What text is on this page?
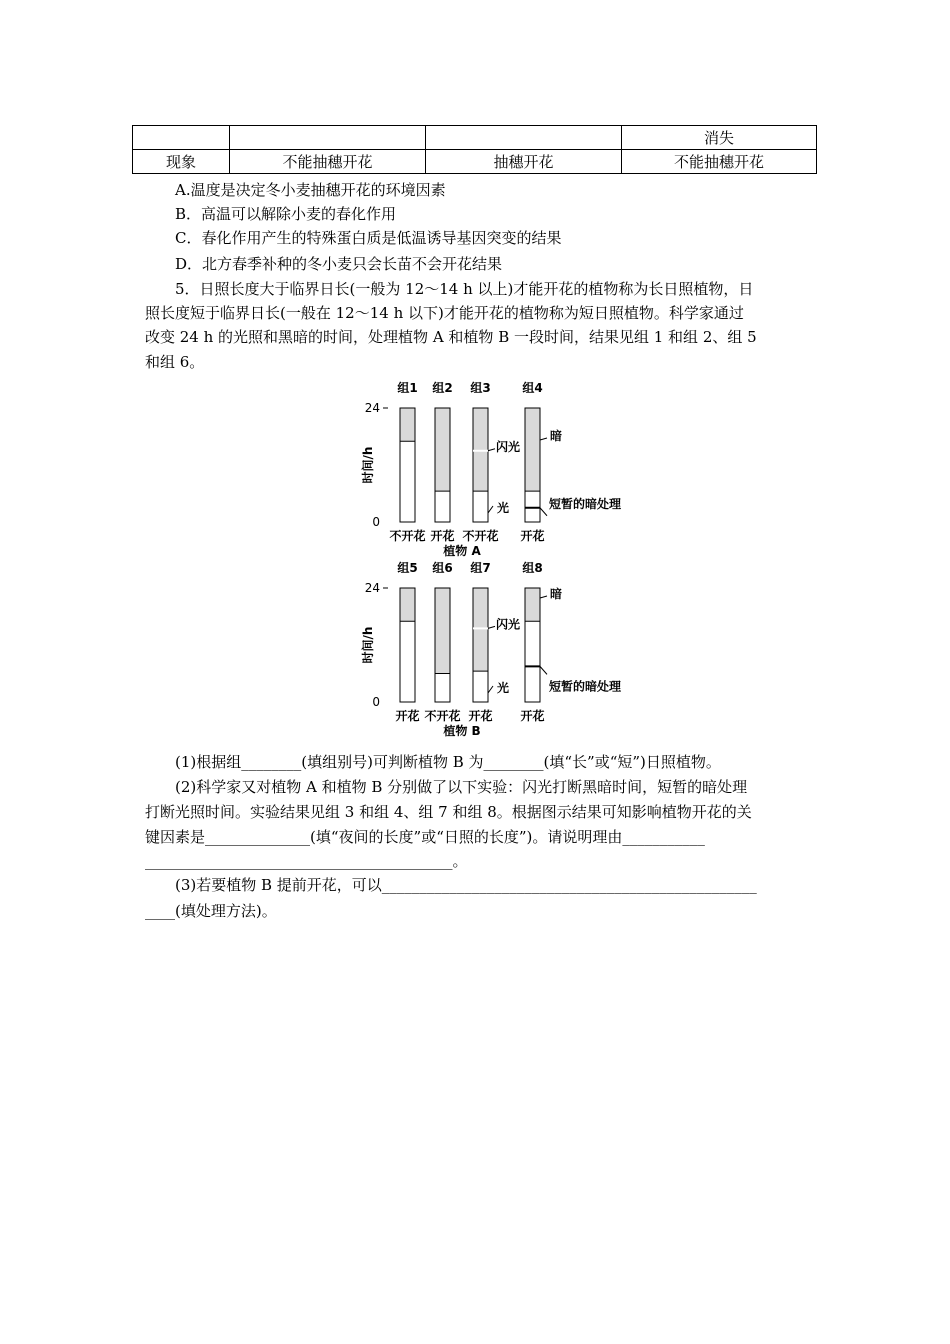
			消失
现象	不能抽穗开花	抽穗开花	不能抽穗开花
A.温度是决定冬小麦抽穗开花的环境因素
B．高温可以解除小麦的春化作用
C．春化作用产生的特殊蛋白质是低温诱导基因突变的结果
D．北方春季补种的冬小麦只会长苗不会开花结果
5．日照长度大于临界日长(一般为 12～14 h 以上)才能开花的植物称为长日照植物，日
照长度短于临界日长(一般在 12～14 h 以下)才能开花的植物称为短日照植物。科学家通过
改变 24 h 的光照和黑暗的时间，处理植物 A 和植物 B 一段时间，结果见组 1 和组 2、组 5
和组 6。
时间/h
24
0
组1
不开花
组2
开花
组3
不开花
组4
开花
植物 A
时间/h
24
0
组5
开花
组6
不开花
组7
开花
组8
开花
植物 B
闪光
光
暗
短暂的暗处理
闪光
光
暗
短暂的暗处理
(1)根据组________(填组别号)可判断植物 B 为________(填“长”或“短”)日照植物。
(2)科学家又对植物 A 和植物 B 分别做了以下实验：闪光打断黑暗时间，短暂的暗处理
打断光照时间。实验结果见组 3 和组 4、组 7 和组 8。根据图示结果可知影响植物开花的关
键因素是______________(填“夜间的长度”或“日照的长度”)。请说明理由___________
_________________________________________。
(3)若要植物 B 提前开花，可以__________________________________________________
____(填处理方法)。
